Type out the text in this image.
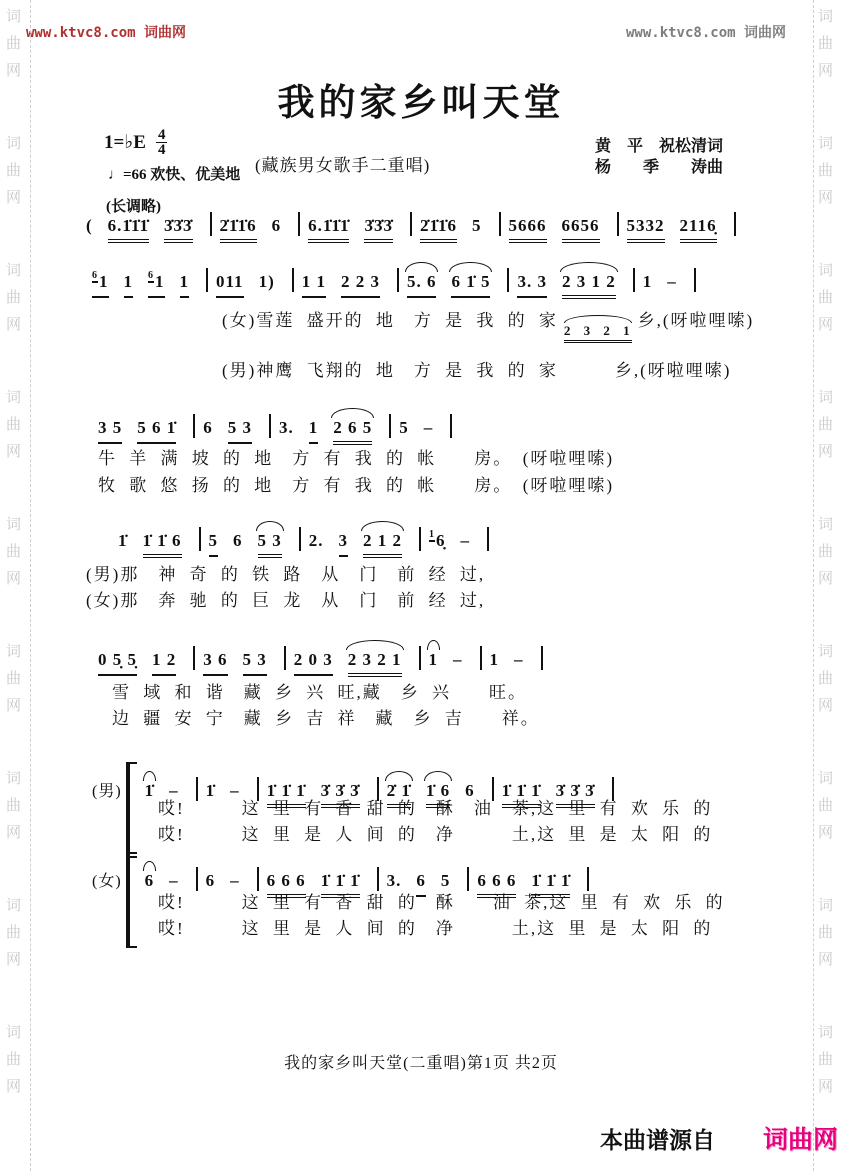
词
曲
网
词
曲
网
词
曲
网
词
曲
网
词
曲
网
词
曲
网
词
曲
网
词
曲
网
词
曲
网
词
曲
网
词
曲
网
词
曲
网
词
曲
网
词
曲
网
词
曲
网
词
曲
网
词
曲
网
词
曲
网
www.ktvc8.com 词曲网	www.ktvc8.com 词曲网
我的家乡叫天堂
1=♭E $\frac{4}{4}$
♩=66 欢快、优美地 (藏族男女歌手二重唱)
黄　平　祝松清词
杨　　季　　涛曲
(长调略)
( 6.1̇1̇1̇ 3̇3̇3̇ 2̇1̇1̇6 6 6.1̇1̇1̇ 3̇3̇3̇ 2̇1̇1̇6 5 5666 6656 5332 2116̣
61 1 61 1 011 1) 1 1 2 2 3 5. 6 6 1̇ 5 3. 3 2 3 1 2 1 –
(女)雪莲 盛开的 地　方 是 我 的 家2 3 2 1乡,(呀啦哩嗦)
(男)神鹰 飞翔的 地　方 是 我 的 家　　　乡,(呀啦哩嗦)
3 5 5 6 1̇ 6 5 3 3. 1 2 6 5 5 –
牛 羊 满 坡 的 地　方 有 我 的 帐　　房。　(呀啦哩嗦)
牧 歌 悠 扬 的 地　方 有 我 的 帐　　房。　(呀啦哩嗦)
1̇ 1̇ 1̇ 6 5 6 5 3 2. 3 2 1 2	16̣ –
(男)那　神 奇 的 铁 路　从　门　前 经 过,
(女)那　奔 驰 的 巨 龙　从　门　前 经 过,
0 5̣ 5̣ 1 2 3 6 5 3 2 0 3 2 3 2 1 1 – 1 –
雪 域 和 谐　藏 乡 兴 旺,藏　乡 兴　　旺。
边 疆 安 宁　藏 乡 吉 祥　藏　乡 吉　　祥。
(男) 1̇ – 1̇ – 1̇ 1̇ 1̇ 3̇ 3̇ 3̇ 2̇ 1̇ 1̇ 6 6 1̇ 1̇ 1̇ 3̇ 3̇ 3̇
哎!　　　这 里 有 香 甜 的　酥　油　茶,这 里 有 欢 乐 的
哎!　　　这 里 是 人 间 的　净　　　土,这 里 是 太 阳 的
(女) 6 – 6 – 6 6 6 1̇ 1̇ 1̇ 3. 6 5 6 6 6 1̇ 1̇ 1̇
哎!　　　这 里 有 香 甜 的　酥　　油 茶,这 里 有 欢 乐 的
哎!　　　这 里 是 人 间 的　净　　　土,这 里 是 太 阳 的
我的家乡叫天堂(二重唱)第1页 共2页
本曲谱源自 词曲网
